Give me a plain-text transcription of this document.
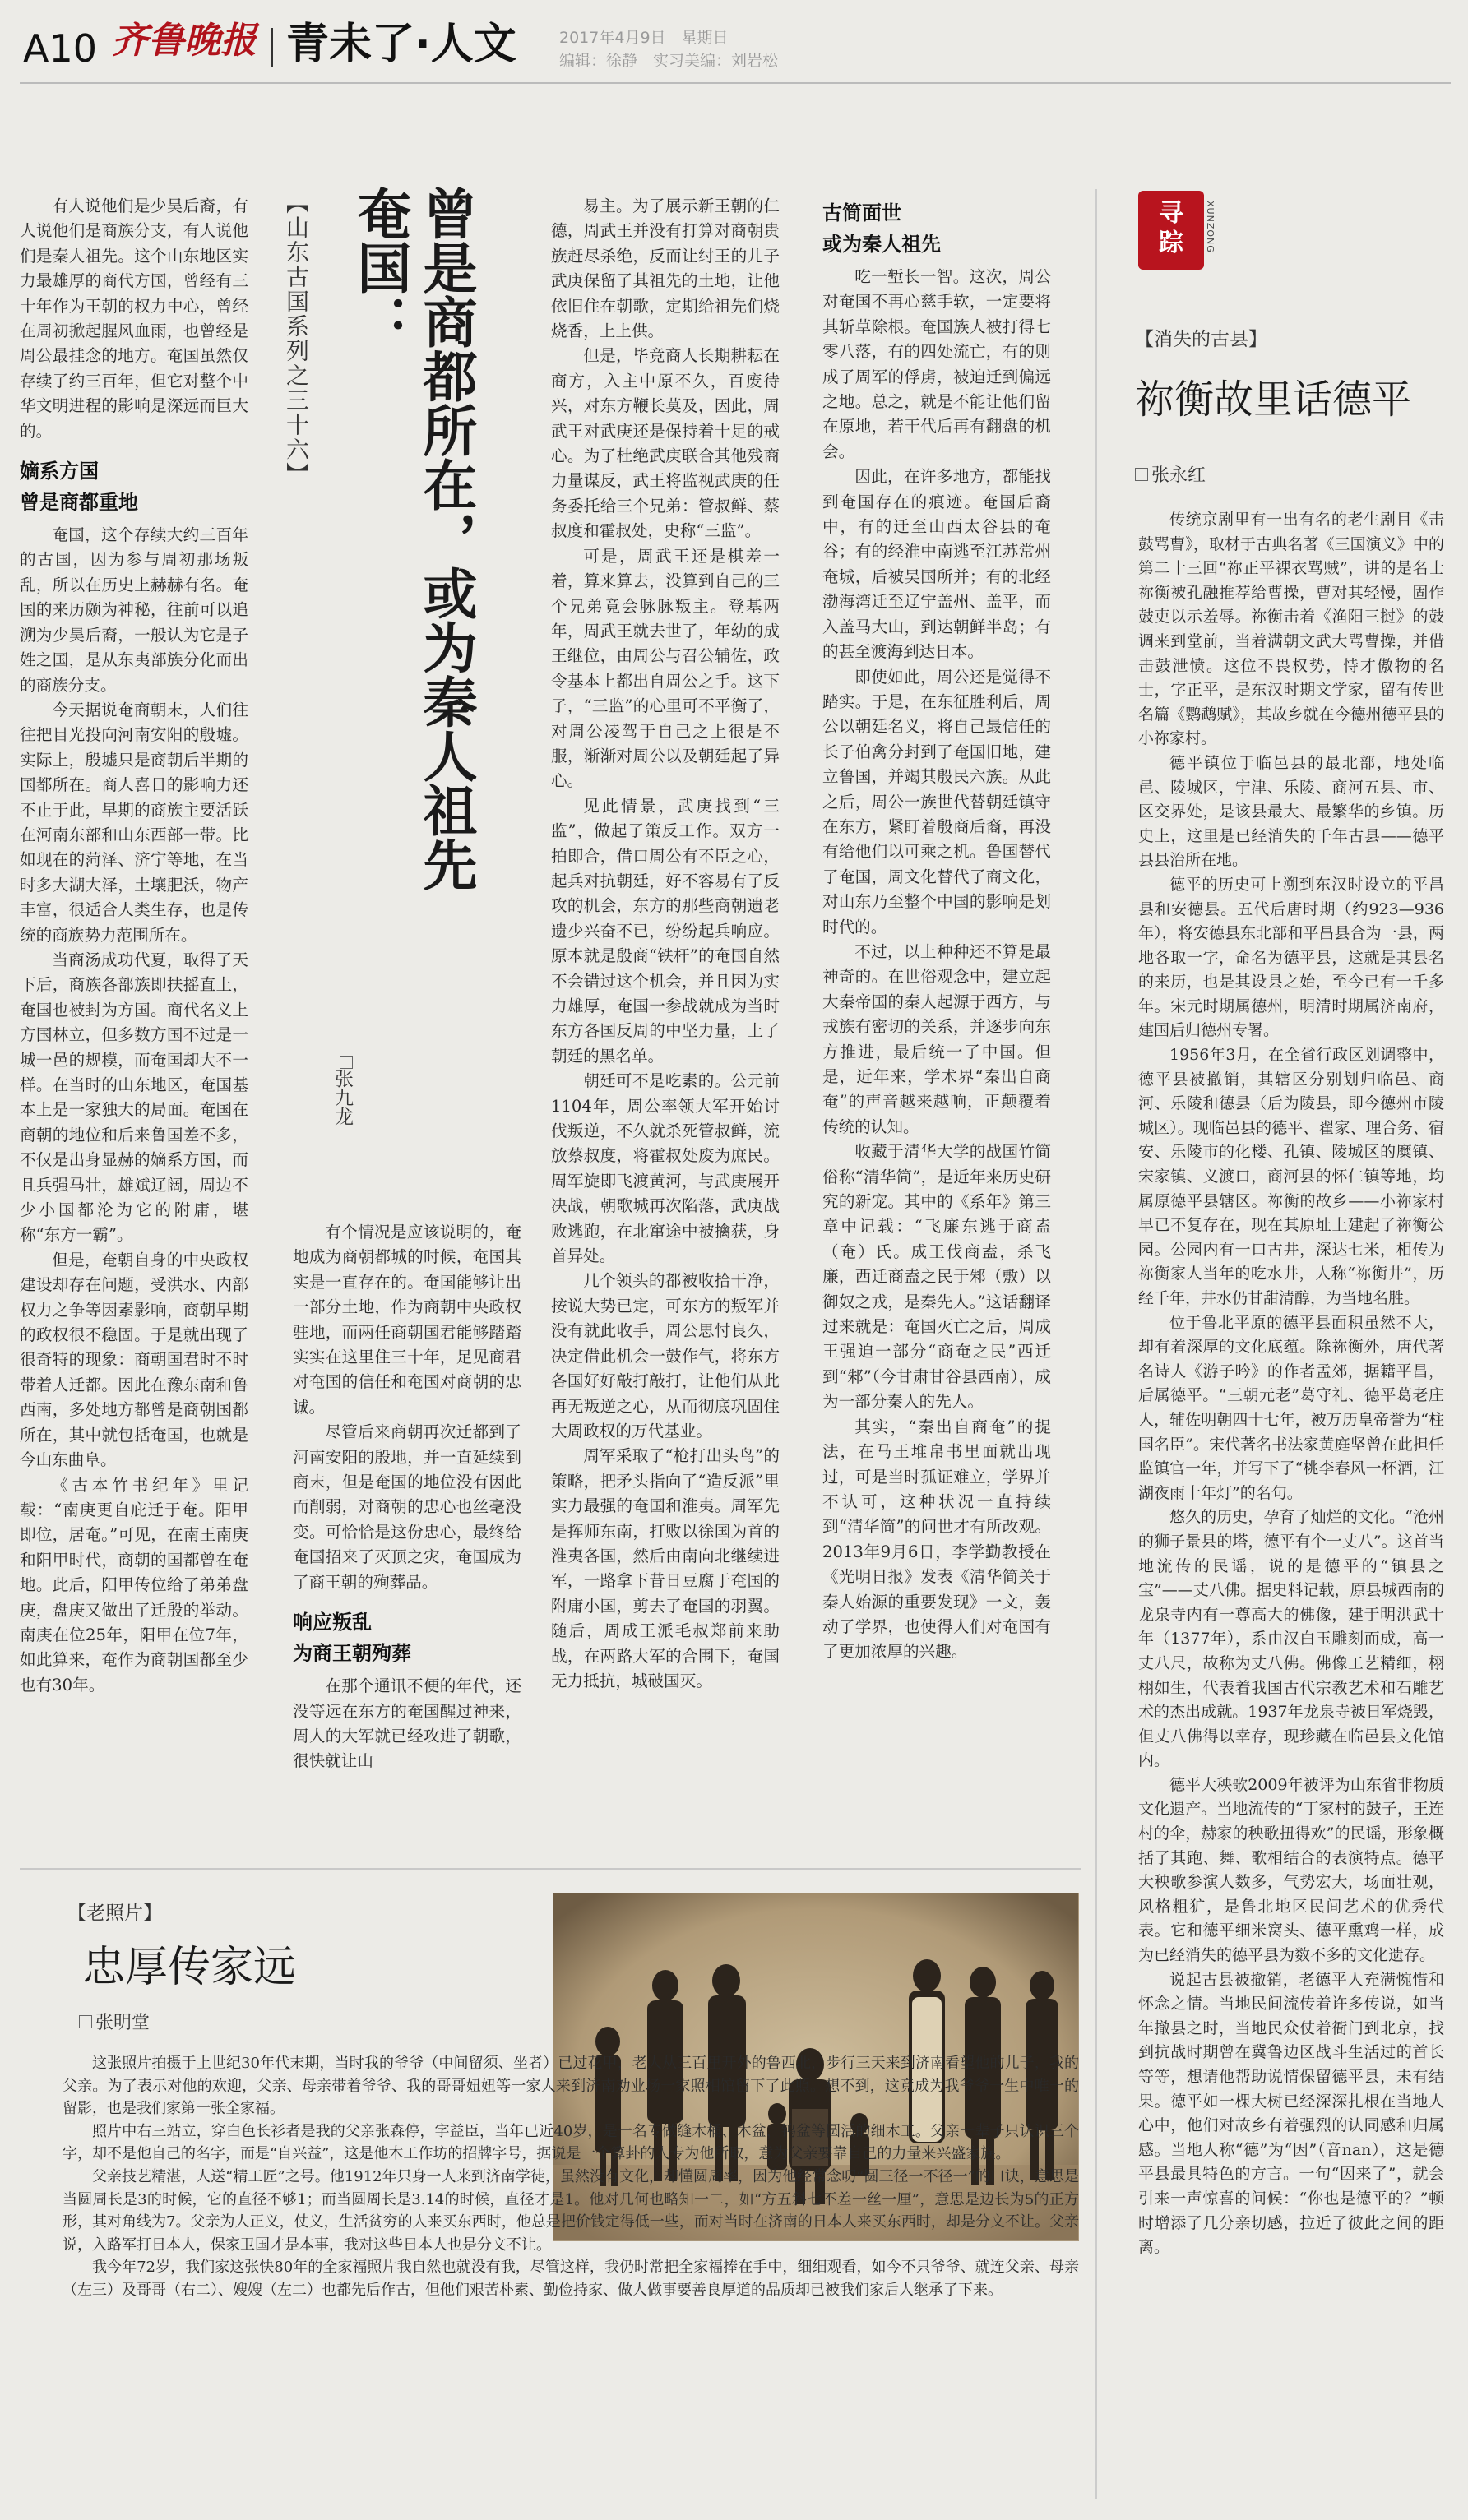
A10 齐鲁晚报 青未了·人文	2017年4月9日　星期日
编辑：徐静　实习美编：刘岩松
【山东古国系列之三十六】 曾是商都所在，或为秦人祖先
奄国：
张九龙

有人说他们是少昊后裔，有人说他们是商族分支，有人说他们是秦人祖先。这个山东地区实力最雄厚的商代方国，曾经有三十年作为王朝的权力中心，曾经在周初掀起腥风血雨，也曾经是周公最挂念的地方。奄国虽然仅存续了约三百年，但它对整个中华文明进程的影响是深远而巨大的。

嫡系方国
曾是商都重地

奄国，这个存续大约三百年的古国，因为参与周初那场叛乱，所以在历史上赫赫有名。奄国的来历颇为神秘，往前可以追溯为少昊后裔，一般认为它是子姓之国，是从东夷部族分化而出的商族分支。

今天据说奄商朝末，人们往往把目光投向河南安阳的殷墟。实际上，殷墟只是商朝后半期的国都所在。商人喜日的影响力还不止于此，早期的商族主要活跃在河南东部和山东西部一带。比如现在的菏泽、济宁等地，在当时多大湖大泽，土壤肥沃，物产丰富，很适合人类生存，也是传统的商族势力范围所在。

当商汤成功代夏，取得了天下后，商族各部族即扶摇直上，奄国也被封为方国。商代名义上方国林立，但多数方国不过是一城一邑的规模，而奄国却大不一样。在当时的山东地区，奄国基本上是一家独大的局面。奄国在商朝的地位和后来鲁国差不多，不仅是出身显赫的嫡系方国，而且兵强马壮，雄斌辽阔，周边不少小国都沦为它的附庸，堪称“东方一霸”。

但是，奄朝自身的中央政权建设却存在问题，受洪水、内部权力之争等因素影响，商朝早期的政权很不稳固。于是就出现了很奇特的现象：商朝国君时不时带着人迁都。因此在豫东南和鲁西南，多处地方都曾是商朝国都所在，其中就包括奄国，也就是今山东曲阜。

《古本竹书纪年》里记载：“南庚更自庇迁于奄。阳甲即位，居奄。”可见，在南王南庚和阳甲时代，商朝的国都曾在奄地。此后，阳甲传位给了弟弟盘庚，盘庚又做出了迁殷的举动。南庚在位25年，阳甲在位7年，如此算来，奄作为商朝国都至少也有30年。

有个情况是应该说明的，奄地成为商朝都城的时候，奄国其实是一直存在的。奄国能够让出一部分土地，作为商朝中央政权驻地，而两任商朝国君能够踏踏实实在这里住三十年，足见商君对奄国的信任和奄国对商朝的忠诚。

尽管后来商朝再次迁都到了河南安阳的殷地，并一直延续到商末，但是奄国的地位没有因此而削弱，对商朝的忠心也丝毫没变。可恰恰是这份忠心，最终给奄国招来了灭顶之灾，奄国成为了商王朝的殉葬品。

响应叛乱
为商王朝殉葬

在那个通讯不便的年代，还没等远在东方的奄国醒过神来，周人的大军就已经攻进了朝歌，很快就让山

易主。为了展示新王朝的仁德，周武王并没有打算对商朝贵族赶尽杀绝，反而让纣王的儿子武庚保留了其祖先的土地，让他依旧住在朝歌，定期给祖先们烧烧香，上上供。

但是，毕竟商人长期耕耘在商方，入主中原不久，百废待兴，对东方鞭长莫及，因此，周武王对武庚还是保持着十足的戒心。为了杜绝武庚联合其他残商力量谋反，武王将监视武庚的任务委托给三个兄弟：管叔鲜、蔡叔度和霍叔处，史称“三监”。

可是，周武王还是棋差一着，算来算去，没算到自己的三个兄弟竟会脉脉叛主。登基两年，周武王就去世了，年幼的成王继位，由周公与召公辅佐，政令基本上都出自周公之手。这下子，“三监”的心里可不平衡了，对周公凌驾于自己之上很是不服，渐渐对周公以及朝廷起了异心。

见此情景，武庚找到“三监”，做起了策反工作。双方一拍即合，借口周公有不臣之心，起兵对抗朝廷，好不容易有了反攻的机会，东方的那些商朝遗老遗少兴奋不已，纷纷起兵响应。原本就是殷商“铁杆”的奄国自然不会错过这个机会，并且因为实力雄厚，奄国一参战就成为当时东方各国反周的中坚力量，上了朝廷的黑名单。

朝廷可不是吃素的。公元前1104年，周公率领大军开始讨伐叛逆，不久就杀死管叔鲜，流放蔡叔度，将霍叔处废为庶民。周军旋即飞渡黄河，与武庚展开决战，朝歌城再次陷落，武庚战败逃跑，在北窜途中被擒获，身首异处。

几个领头的都被收拾干净，按说大势已定，可东方的叛军并没有就此收手，周公思忖良久，决定借此机会一鼓作气，将东方各国好好敲打敲打，让他们从此再无叛逆之心，从而彻底巩固住大周政权的万代基业。

周军采取了“枪打出头鸟”的策略，把矛头指向了“造反派”里实力最强的奄国和淮夷。周军先是挥师东南，打败以徐国为首的淮夷各国，然后由南向北继续进军，一路拿下昔日豆腐于奄国的附庸小国，剪去了奄国的羽翼。随后，周成王派毛叔郑前来助战，在两路大军的合围下，奄国无力抵抗，城破国灭。

古简面世
或为秦人祖先

吃一堑长一智。这次，周公对奄国不再心慈手软，一定要将其斩草除根。奄国族人被打得七零八落，有的四处流亡，有的则成了周军的俘虏，被迫迁到偏远之地。总之，就是不能让他们留在原地，若干代后再有翻盘的机会。

因此，在许多地方，都能找到奄国存在的痕迹。奄国后裔中，有的迁至山西太谷县的奄谷；有的经淮中南逃至江苏常州奄城，后被吴国所并；有的北经渤海湾迁至辽宁盖州、盖平，而入盖马大山，到达朝鲜半岛；有的甚至渡海到达日本。

即使如此，周公还是觉得不踏实。于是，在东征胜利后，周公以朝廷名义，将自己最信任的长子伯禽分封到了奄国旧地，建立鲁国，并竭其殷民六族。从此之后，周公一族世代替朝廷镇守在东方，紧盯着殷商后裔，再没有给他们以可乘之机。鲁国替代了奄国，周文化替代了商文化，对山东乃至整个中国的影响是划时代的。

不过，以上种种还不算是最神奇的。在世俗观念中，建立起大秦帝国的秦人起源于西方，与戎族有密切的关系，并逐步向东方推进，最后统一了中国。但是，近年来，学术界“秦出自商奄”的声音越来越响，正颠覆着传统的认知。

收藏于清华大学的战国竹简俗称“清华简”，是近年来历史研究的新宠。其中的《系年》第三章中记载：“飞廉东逃于商盍（奄）氏。成王伐商盍，杀飞廉，西迁商盍之民于邾（敷）以御奴之戎，是秦先人。”这话翻译过来就是：奄国灭亡之后，周成王强迫一部分“商奄之民”西迁到“邾”（今甘肃甘谷县西南），成为一部分秦人的先人。

其实，“秦出自商奄”的提法，在马王堆帛书里面就出现过，可是当时孤证难立，学界并不认可，这种状况一直持续到“清华简”的问世才有所改观。2013年9月6日，李学勤教授在《光明日报》发表《清华简关于秦人始源的重要发现》一文，轰动了学界，也使得人们对奄国有了更加浓厚的兴趣。

寻踪	XUNZONG
【消失的古县】
祢衡故里话德平
张永红

传统京剧里有一出有名的老生剧目《击鼓骂曹》，取材于古典名著《三国演义》中的第二十三回“祢正平裸衣骂贼”，讲的是名士祢衡被孔融推荐给曹操，曹对其轻慢，固作鼓吏以示羞辱。祢衡击着《渔阳三挝》的鼓调来到堂前，当着满朝文武大骂曹操，并借击鼓泄愤。这位不畏权势，恃才傲物的名士，字正平，是东汉时期文学家，留有传世名篇《鹦鹉赋》，其故乡就在今德州德平县的小祢家村。

德平镇位于临邑县的最北部，地处临邑、陵城区，宁津、乐陵、商河五县、市、区交界处，是该县最大、最繁华的乡镇。历史上，这里是已经消失的千年古县——德平县县治所在地。

德平的历史可上溯到东汉时设立的平昌县和安德县。五代后唐时期（约923—936年），将安德县东北部和平昌县合为一县，两地各取一字，命名为德平县，这就是其县名的来历，也是其设县之始，至今已有一千多年。宋元时期属德州，明清时期属济南府，建国后归德州专署。

1956年3月，在全省行政区划调整中，德平县被撤销，其辖区分别划归临邑、商河、乐陵和德县（后为陵县，即今德州市陵城区）。现临邑县的德平、翟家、理合务、宿安、乐陵市的化楼、孔镇、陵城区的糜镇、宋家镇、义渡口，商河县的怀仁镇等地，均属原德平县辖区。祢衡的故乡——小祢家村早已不复存在，现在其原址上建起了祢衡公园。公园内有一口古井，深达七米，相传为祢衡家人当年的吃水井，人称“祢衡井”，历经千年，井水仍甘甜清醇，为当地名胜。

位于鲁北平原的德平县面积虽然不大，却有着深厚的文化底蕴。除祢衡外，唐代著名诗人《游子吟》的作者孟郊，据籍平昌，后属德平。“三朝元老”葛守礼、德平葛老庄人，辅佐明朝四十七年，被万历皇帝誉为“柱国名臣”。宋代著名书法家黄庭坚曾在此担任监镇官一年，并写下了“桃李春风一杯酒，江湖夜雨十年灯”的名句。

悠久的历史，孕育了灿烂的文化。“沧州的狮子景县的塔，德平有个一丈八”。这首当地流传的民谣，说的是德平的“镇县之宝”——丈八佛。据史料记载，原县城西南的龙泉寺内有一尊高大的佛像，建于明洪武十年（1377年），系由汉白玉雕刻而成，高一丈八尺，故称为丈八佛。佛像工艺精细，栩栩如生，代表着我国古代宗教艺术和石雕艺术的杰出成就。1937年龙泉寺被日军烧毁，但丈八佛得以幸存，现珍藏在临邑县文化馆内。

德平大秧歌2009年被评为山东省非物质文化遗产。当地流传的“丁家村的鼓子，王连村的伞，赫家的秧歌扭得欢”的民谣，形象概括了其跑、舞、歌相结合的表演特点。德平大秧歌参演人数多，气势宏大，场面壮观，风格粗犷，是鲁北地区民间艺术的优秀代表。它和德平细米窝头、德平熏鸡一样，成为已经消失的德平县为数不多的文化遗存。

说起古县被撤销，老德平人充满惋惜和怀念之情。当地民间流传着许多传说，如当年撤县之时，当地民众仗着衙门到北京，找到抗战时期曾在冀鲁边区战斗生活过的首长等等，想请他帮助说情保留德平县，未有结果。德平如一棵大树已经深深扎根在当地人心中，他们对故乡有着强烈的认同感和归属感。当地人称“德”为“因”（音nan），这是德平县最具特色的方言。一句“因来了”，就会引来一声惊喜的问候：“你也是德平的？”顿时增添了几分亲切感，拉近了彼此之间的距离。

【老照片】
忠厚传家远
张明堂

这张照片拍摄于上世纪30年代末期，当时我的爷爷（中间留须、坐者）已过花甲，老人从三百里开外的鲁西北，步行三天来到济南看望他的儿子，我的父亲。为了表示对他的欢迎，父亲、母亲带着爷爷、我的哥哥妞妞等一家人来到济南劝业场一家照相馆留下了此照。想不到，这竟成为我爷爷一生中唯一的留影，也是我们家第一张全家福。

照片中右三站立，穿白色长衫者是我的父亲张森停，字益臣，当年已近40岁，是一名专做缝木桶、木盆，钨盆等圆活的细木工。父亲一辈子只认识三个字，却不是他自己的名字，而是“自兴益”，这是他木工作坊的招牌字号，据说是一个算卦的人专为他所取，意为父亲要靠自己的力量来兴盛家族。

父亲技艺精湛，人送“精工匠”之号。他1912年只身一人来到济南学徒，虽然没有文化，却懂圆周率，因为他经常念叨“圆三径一不径一”的口诀，意思是当圆周长是3的时候，它的直径不够1；而当圆周长是3.14的时候，直径才是1。他对几何也略知一二，如“方五斜七不差一丝一厘”，意思是边长为5的正方形，其对角线为7。父亲为人正义，仗义，生活贫穷的人来买东西时，他总是把价钱定得低一些，而对当时在济南的日本人来买东西时，却是分文不让。父亲说，入路军打日本人，保家卫国才是本事，我对这些日本人也是分文不让。

我今年72岁，我们家这张快80年的全家福照片我自然也就没有我，尽管这样，我仍时常把全家福捧在手中，细细观看，如今不只爷爷、就连父亲、母亲（左三）及哥哥（右二）、嫂嫂（左二）也都先后作古，但他们艰苦朴素、勤俭持家、做人做事要善良厚道的品质却已被我们家后人继承了下来。
